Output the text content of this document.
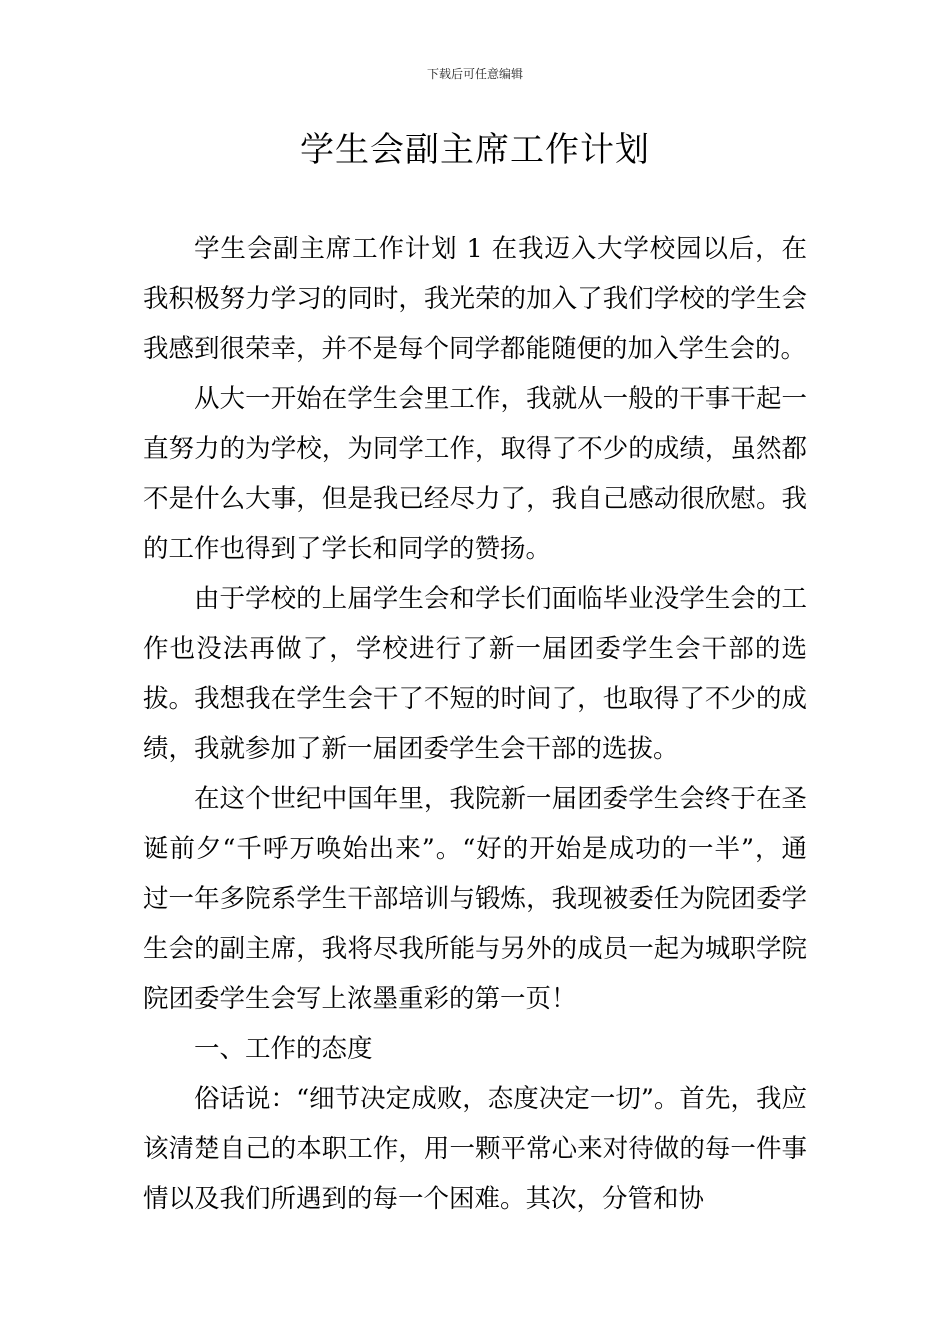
下载后可任意编辑
学生会副主席工作计划

学生会副主席工作计划 1 在我迈入大学校园以后，在我积极努力学习的同时，我光荣的加入了我们学校的学生会我感到很荣幸，并不是每个同学都能随便的加入学生会的。

从大一开始在学生会里工作，我就从一般的干事干起一直努力的为学校，为同学工作，取得了不少的成绩，虽然都不是什么大事，但是我已经尽力了，我自己感动很欣慰。我的工作也得到了学长和同学的赞扬。

由于学校的上届学生会和学长们面临毕业没学生会的工作也没法再做了，学校进行了新一届团委学生会干部的选拔。我想我在学生会干了不短的时间了，也取得了不少的成绩，我就参加了新一届团委学生会干部的选拔。

在这个世纪中国年里，我院新一届团委学生会终于在圣诞前夕“千呼万唤始出来”。“好的开始是成功的一半”，通过一年多院系学生干部培训与锻炼，我现被委任为院团委学生会的副主席，我将尽我所能与另外的成员一起为城职学院院团委学生会写上浓墨重彩的第一页！

一、工作的态度

俗话说：“细节决定成败，态度决定一切”。首先，我应该清楚自己的本职工作，用一颗平常心来对待做的每一件事情以及我们所遇到的每一个困难。其次，分管和协
